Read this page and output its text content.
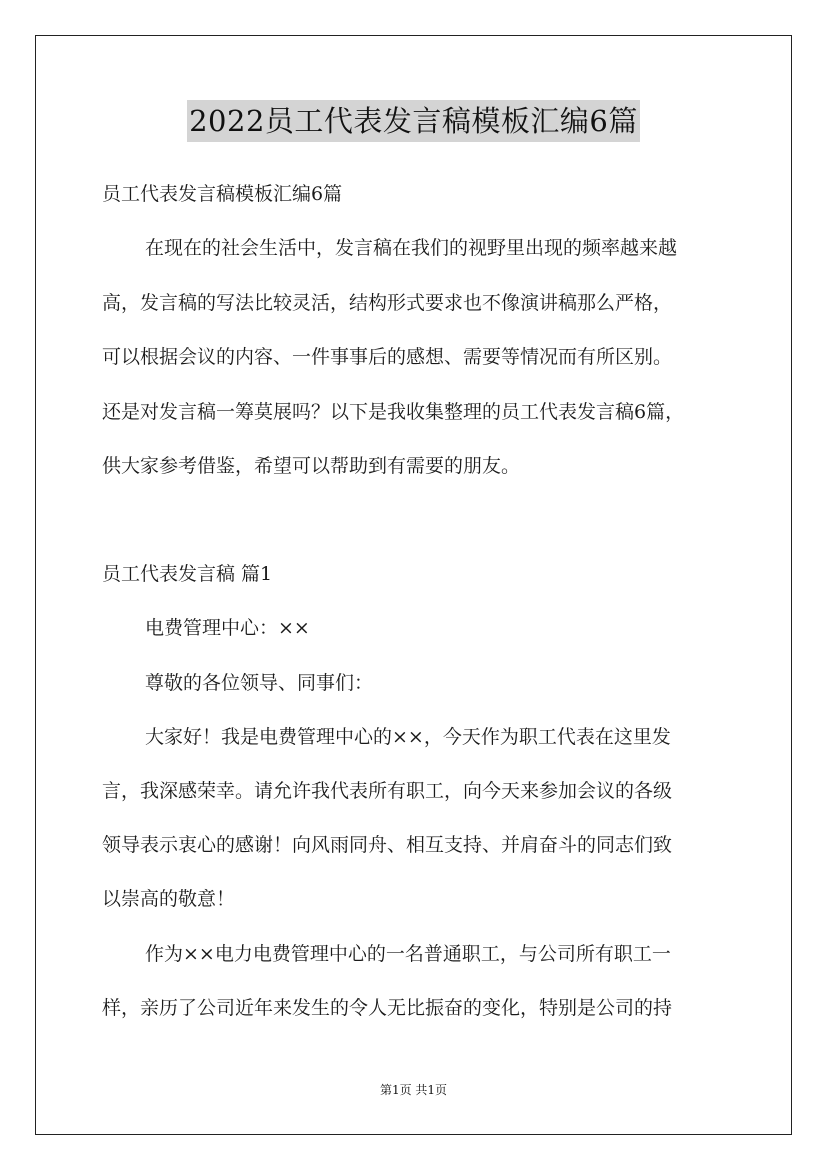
2022员工代表发言稿模板汇编6篇
员工代表发言稿模板汇编6篇
在现在的社会生活中，发言稿在我们的视野里出现的频率越来越
高，发言稿的写法比较灵活，结构形式要求也不像演讲稿那么严格，
可以根据会议的内容、一件事事后的感想、需要等情况而有所区别。
还是对发言稿一筹莫展吗？以下是我收集整理的员工代表发言稿6篇，
供大家参考借鉴，希望可以帮助到有需要的朋友。
员工代表发言稿 篇1
电费管理中心：××
尊敬的各位领导、同事们：
大家好！我是电费管理中心的××，今天作为职工代表在这里发
言，我深感荣幸。请允许我代表所有职工，向今天来参加会议的各级
领导表示衷心的感谢！向风雨同舟、相互支持、并肩奋斗的同志们致
以崇高的敬意！
作为××电力电费管理中心的一名普通职工，与公司所有职工一
样，亲历了公司近年来发生的令人无比振奋的变化，特别是公司的持
第1页 共1页
